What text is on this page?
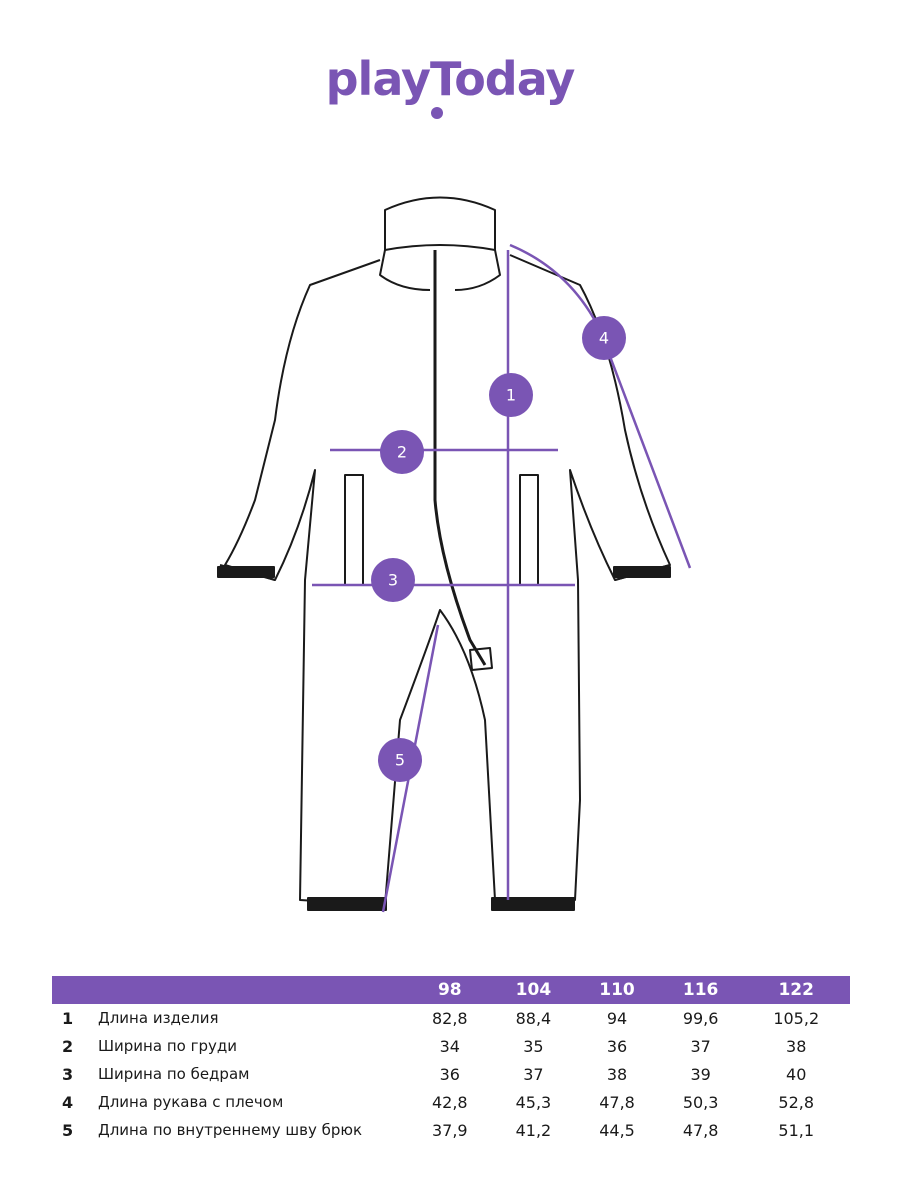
playToday
1
2
3
4
5
		98	104	110	116	122
1	Длина изделия	82,8	88,4	94	99,6	105,2
2	Ширина по груди	34	35	36	37	38
3	Ширина по бедрам	36	37	38	39	40
4	Длина рукава с плечом	42,8	45,3	47,8	50,3	52,8
5	Длина по внутреннему шву брюк	37,9	41,2	44,5	47,8	51,1
